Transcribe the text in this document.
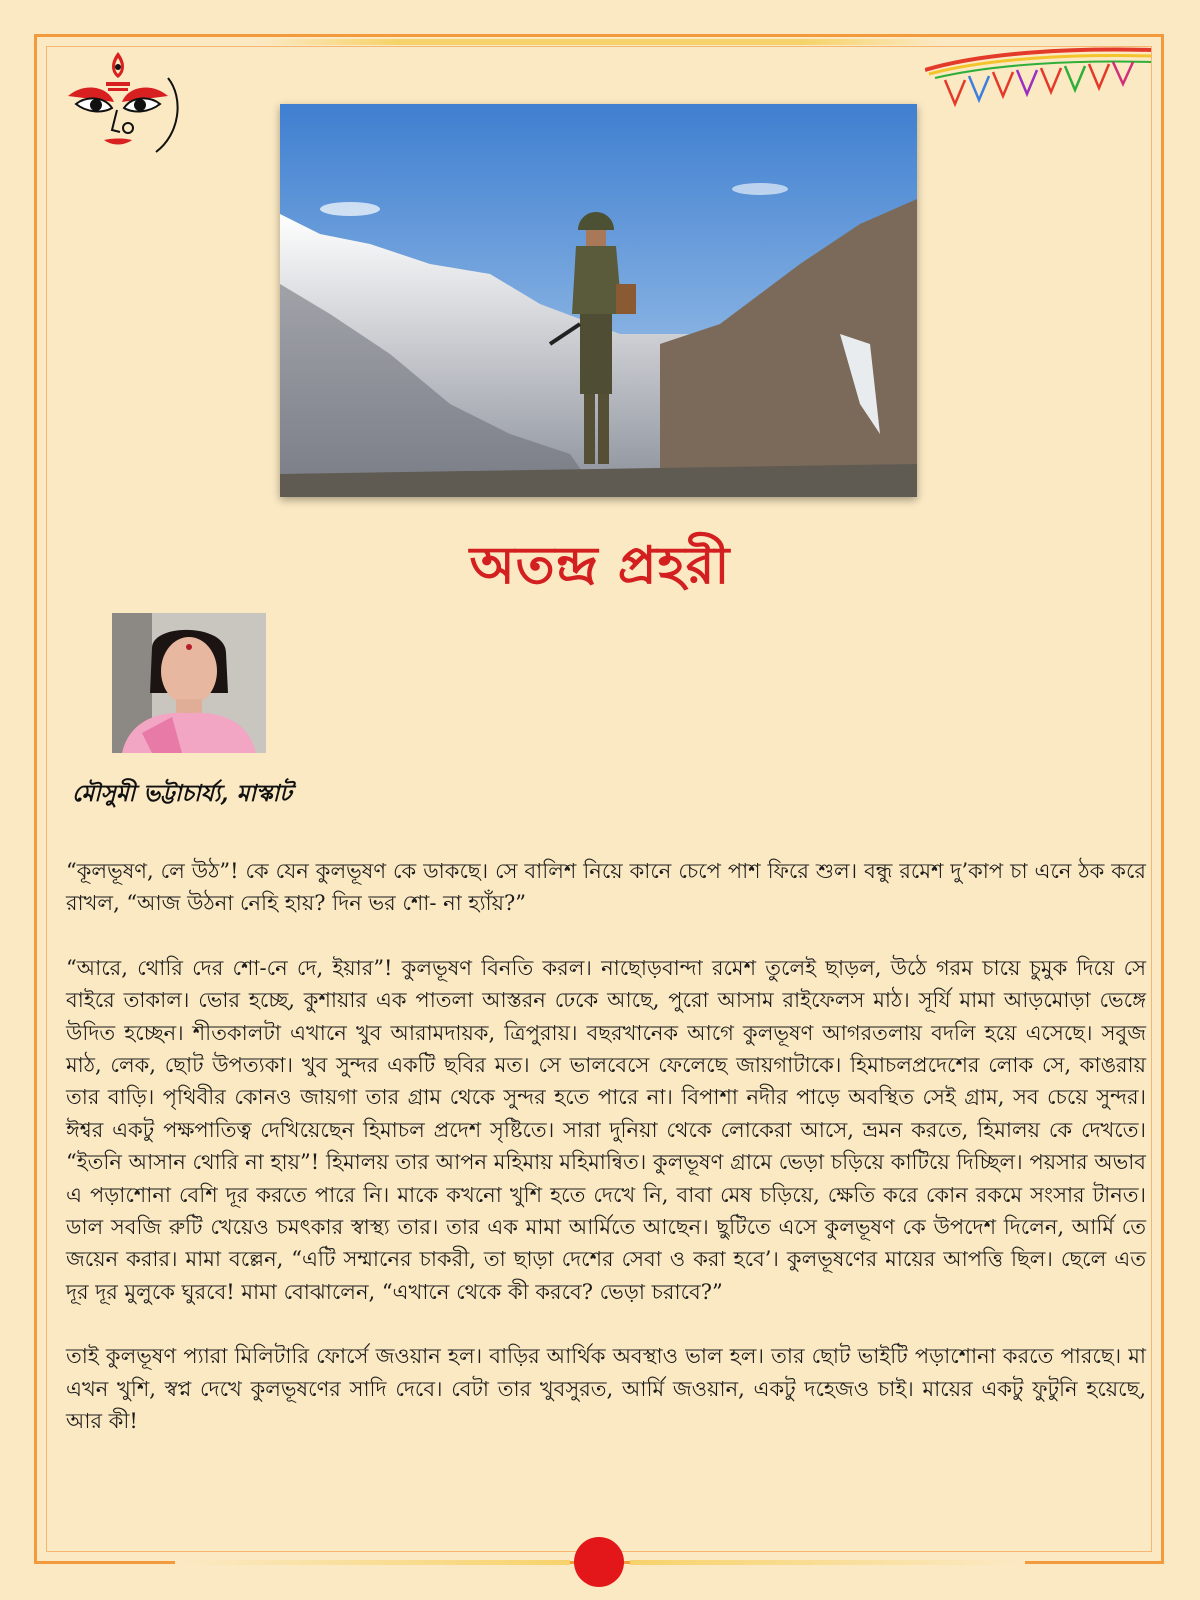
অতন্দ্র প্রহরী
মৌসুমী ভট্টাচার্য্য, মাস্কাট

“কূলভূষণ, লে উঠ”! কে যেন কুলভূষণ কে ডাকছে। সে বালিশ নিয়ে কানে চেপে পাশ ফিরে শুল। বন্ধু রমেশ দু’কাপ চা এনে ঠক করে রাখল, “আজ উঠনা নেহি হায়? দিন ভর শো- না হ্যাঁয়?”

“আরে, থোরি দের শো-নে দে, ইয়ার”! কুলভূষণ বিনতি করল। নাছোড়বান্দা রমেশ তুলেই ছাড়ল, উঠে গরম চায়ে চুমুক দিয়ে সে বাইরে তাকাল। ভোর হচ্ছে, কুশায়ার এক পাতলা আস্তরন ঢেকে আছে, পুরো আসাম রাইফেলস মাঠ। সূর্যি মামা আড়মোড়া ভেঙ্গে উদিত হচ্ছেন। শীতকালটা এখানে খুব আরামদায়ক, ত্রিপুরায়। বছরখানেক আগে কুলভূষণ আগরতলায় বদলি হয়ে এসেছে। সবুজ মাঠ, লেক, ছোট উপত্যকা। খুব সুন্দর একটি ছবির মত। সে ভালবেসে ফেলেছে জায়গাটাকে। হিমাচলপ্রদেশের লোক সে, কাঙরায় তার বাড়ি। পৃথিবীর কোনও জায়গা তার গ্রাম থেকে সুন্দর হতে পারে না। বিপাশা নদীর পাড়ে অবস্থিত সেই গ্রাম, সব চেয়ে সুন্দর। ঈশ্বর একটু পক্ষপাতিত্ব দেখিয়েছেন হিমাচল প্রদেশ সৃষ্টিতে। সারা দুনিয়া থেকে লোকেরা আসে, ভ্রমন করতে, হিমালয় কে দেখতে। “ইতনি আসান থোরি না হায়”! হিমালয় তার আপন মহিমায় মহিমান্বিত। কুলভূষণ গ্রামে ভেড়া চড়িয়ে কাটিয়ে দিচ্ছিল। পয়সার অভাব এ পড়াশোনা বেশি দূর করতে পারে নি। মাকে কখনো খুশি হতে দেখে নি, বাবা মেষ চড়িয়ে, ক্ষেতি করে কোন রকমে সংসার টানত। ডাল সবজি রুটি খেয়েও চমৎকার স্বাস্থ্য তার। তার এক মামা আর্মিতে আছেন। ছুটিতে এসে কুলভূষণ কে উপদেশ দিলেন, আর্মি তে জয়েন করার। মামা বল্লেন, “এটি সম্মানের চাকরী, তা ছাড়া দেশের সেবা ও করা হবে’। কুলভূষণের মায়ের আপত্তি ছিল। ছেলে এত দূর দূর মুলুকে ঘুরবে! মামা বোঝালেন, “এখানে থেকে কী করবে? ভেড়া চরাবে?”

তাই কুলভূষণ প্যারা মিলিটারি ফোর্সে জওয়ান হল। বাড়ির আর্থিক অবস্থাও ভাল হল। তার ছোট ভাইটি পড়াশোনা করতে পারছে। মা এখন খুশি, স্বপ্ন দেখে কুলভূষণের সাদি দেবে। বেটা তার খুবসুরত, আর্মি জওয়ান, একটু দহেজও চাই। মায়ের একটু ফুটুনি হয়েছে, আর কী!
